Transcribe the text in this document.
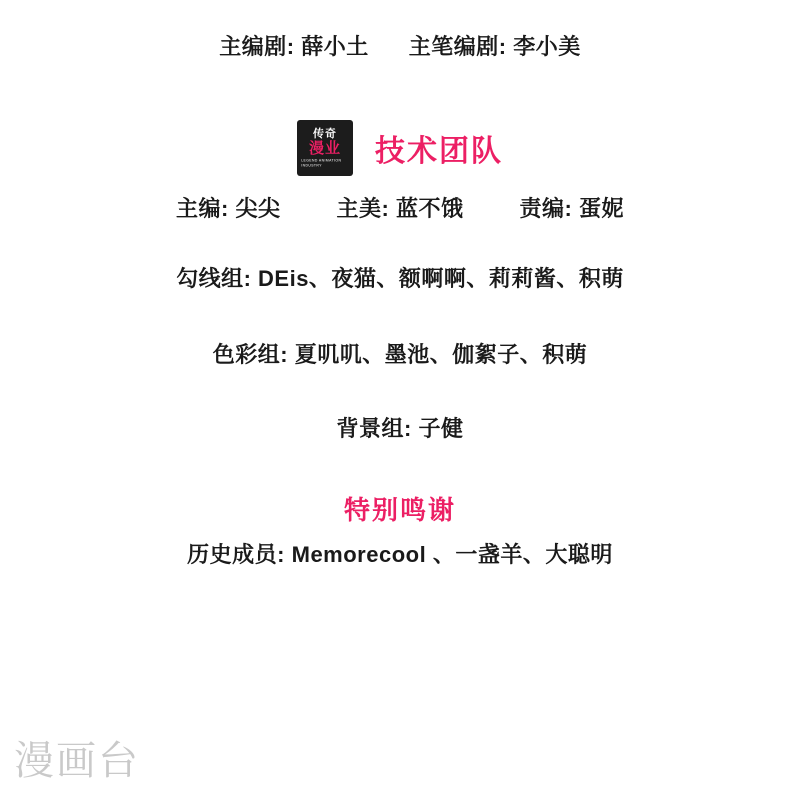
主编剧: 薛小土 主笔编剧: 李小美
传奇
漫业
LEGEND ANIMATION INDUSTRY	技术团队
主编: 尖尖	主美: 蓝不饿	责编: 蛋妮
勾线组: DEis、夜猫、额啊啊、莉莉酱、积萌
色彩组: 夏叽叽、墨池、伽絮子、积萌
背景组: 子健
特别鸣谢
历史成员: Memorecool 、一盏羊、大聪明
漫画台
